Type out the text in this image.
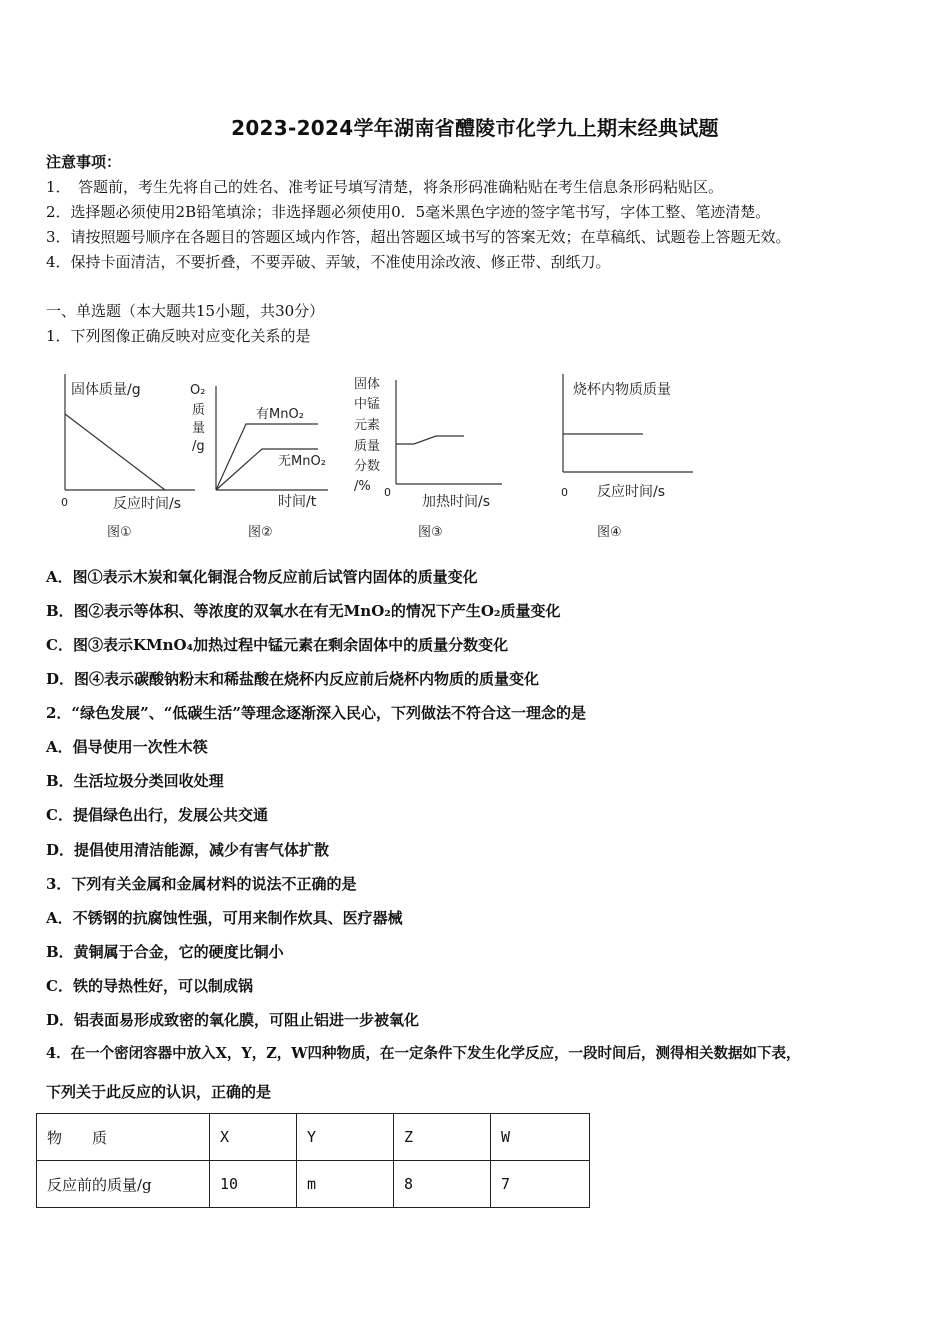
2023-2024学年湖南省醴陵市化学九上期末经典试题
注意事项：
1．　答题前，考生先将自己的姓名、准考证号填写清楚，将条形码准确粘贴在考生信息条形码粘贴区。
2．选择题必须使用2B铅笔填涂；非选择题必须使用0．5毫米黑色字迹的签字笔书写，字体工整、笔迹清楚。
3．请按照题号顺序在各题目的答题区域内作答，超出答题区域书写的答案无效；在草稿纸、试题卷上答题无效。
4．保持卡面清洁，不要折叠，不要弄破、弄皱，不准使用涂改液、修正带、刮纸刀。
一、单选题（本大题共15小题，共30分）
1．下列图像正确反映对应变化关系的是
固体质量/g
0	反应时间/s
图①
O₂
质
量
/g
有MnO₂
无MnO₂
时间/t
图②
固体
中锰
元素
质量
分数
/% 0
加热时间/s
图③
烧杯内物质质量
0 反应时间/s
图④
A．图①表示木炭和氧化铜混合物反应前后试管内固体的质量变化
B．图②表示等体积、等浓度的双氧水在有无MnO₂的情况下产生O₂质量变化
C．图③表示KMnO₄加热过程中锰元素在剩余固体中的质量分数变化
D．图④表示碳酸钠粉末和稀盐酸在烧杯内反应前后烧杯内物质的质量变化
2．“绿色发展”、“低碳生活”等理念逐渐深入民心，下列做法不符合这一理念的是
A．倡导使用一次性木筷
B．生活垃圾分类回收处理
C．提倡绿色出行，发展公共交通
D．提倡使用清洁能源，减少有害气体扩散
3．下列有关金属和金属材料的说法不正确的是
A．不锈钢的抗腐蚀性强，可用来制作炊具、医疗器械
B．黄铜属于合金，它的硬度比铜小
C．铁的导热性好，可以制成锅
D．铝表面易形成致密的氧化膜，可阻止铝进一步被氧化
4．在一个密闭容器中放入X，Y，Z，W四种物质，在一定条件下发生化学反应，一段时间后，测得相关数据如下表，
下列关于此反应的认识，正确的是
物　　质	X	Y	Z	W
反应前的质量/g	10	m	8	7
